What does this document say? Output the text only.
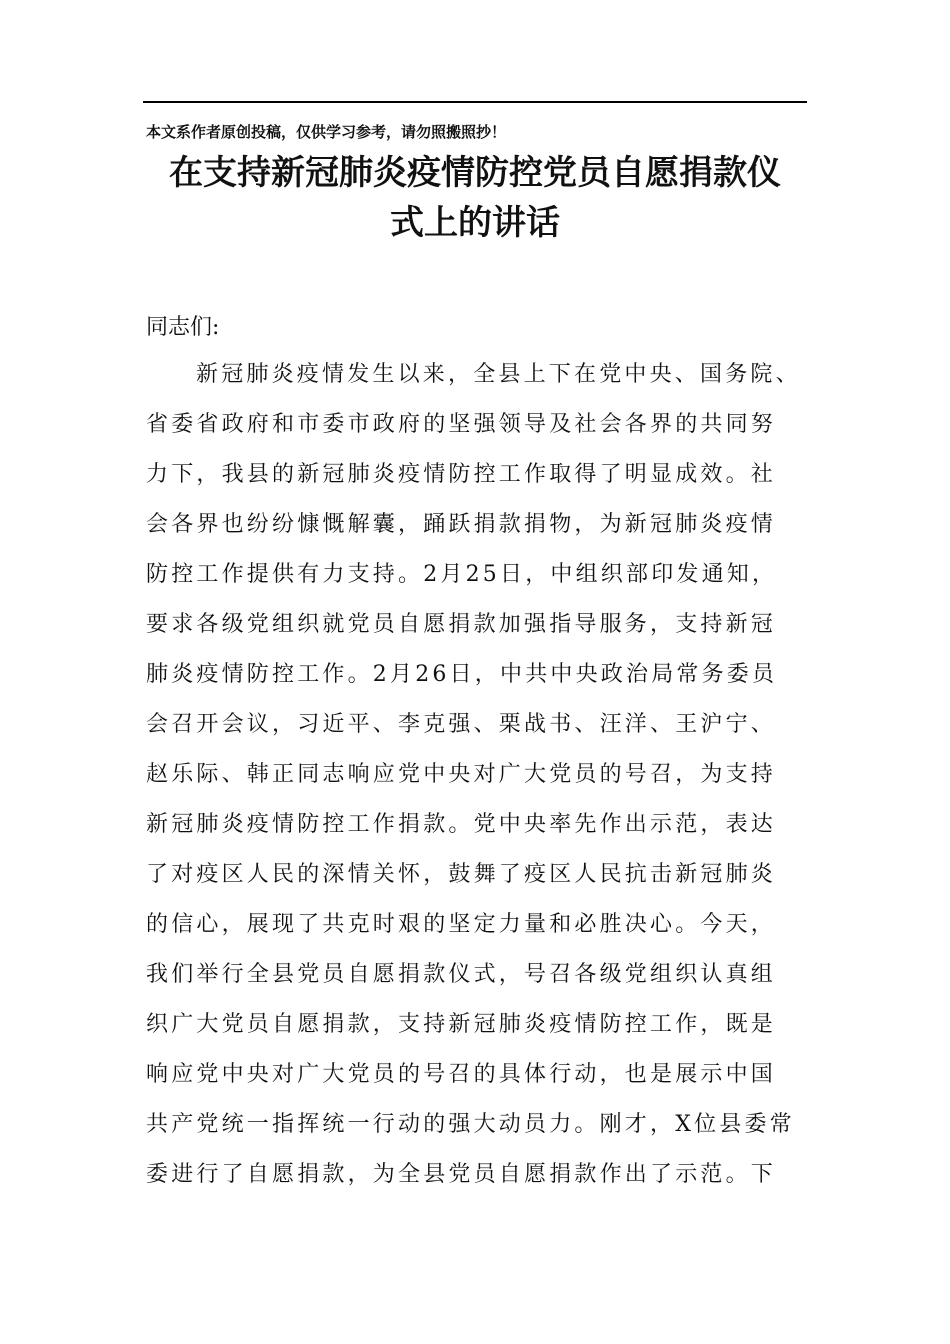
本文系作者原创投稿，仅供学习参考，请勿照搬照抄！
在支持新冠肺炎疫情防控党员自愿捐款仪
式上的讲话
同志们:
新冠肺炎疫情发生以来，全县上下在党中央、国务院、
省委省政府和市委市政府的坚强领导及社会各界的共同努
力下，我县的新冠肺炎疫情防控工作取得了明显成效。社
会各界也纷纷慷慨解囊，踊跃捐款捐物，为新冠肺炎疫情
防控工作提供有力支持。2月25日，中组织部印发通知，
要求各级党组织就党员自愿捐款加强指导服务，支持新冠
肺炎疫情防控工作。2月26日，中共中央政治局常务委员
会召开会议，习近平、李克强、栗战书、汪洋、王沪宁、
赵乐际、韩正同志响应党中央对广大党员的号召，为支持
新冠肺炎疫情防控工作捐款。党中央率先作出示范，表达
了对疫区人民的深情关怀，鼓舞了疫区人民抗击新冠肺炎
的信心，展现了共克时艰的坚定力量和必胜决心。今天，
我们举行全县党员自愿捐款仪式，号召各级党组织认真组
织广大党员自愿捐款，支持新冠肺炎疫情防控工作，既是
响应党中央对广大党员的号召的具体行动，也是展示中国
共产党统一指挥统一行动的强大动员力。刚才，X位县委常
委进行了自愿捐款，为全县党员自愿捐款作出了示范。下
